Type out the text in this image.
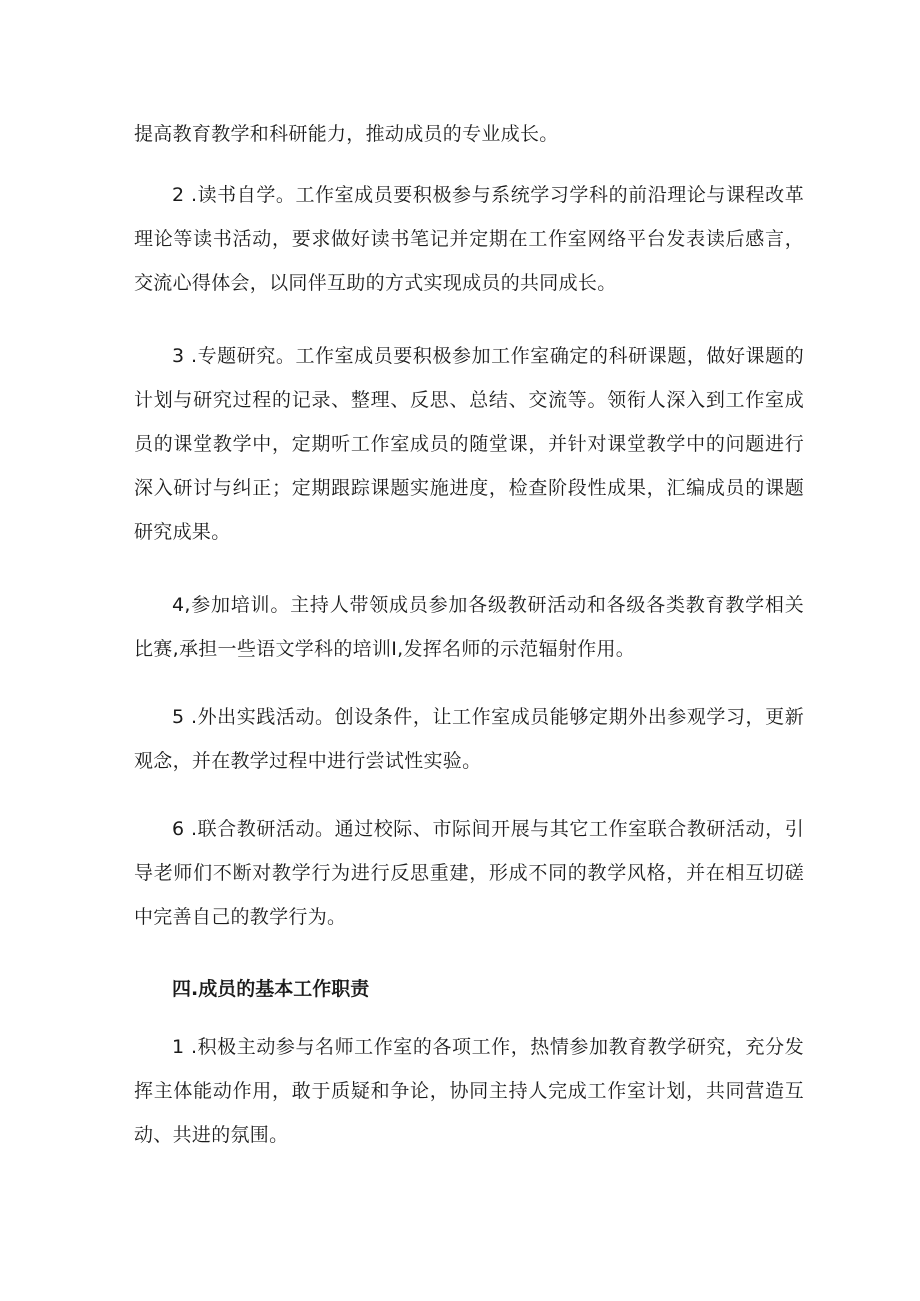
提高教育教学和科研能力，推动成员的专业成长。

2 .读书自学。工作室成员要积极参与系统学习学科的前沿理论与课程改革理论等读书活动，要求做好读书笔记并定期在工作室网络平台发表读后感言，交流心得体会，以同伴互助的方式实现成员的共同成长。

3 .专题研究。工作室成员要积极参加工作室确定的科研课题，做好课题的计划与研究过程的记录、整理、反思、总结、交流等。领衔人深入到工作室成员的课堂教学中，定期听工作室成员的随堂课，并针对课堂教学中的问题进行深入研讨与纠正；定期跟踪课题实施进度，检查阶段性成果，汇编成员的课题研究成果。

4,参加培训。主持人带领成员参加各级教研活动和各级各类教育教学相关比赛,承担一些语文学科的培训I,发挥名师的示范辐射作用。

5 .外出实践活动。创设条件，让工作室成员能够定期外出参观学习，更新观念，并在教学过程中进行尝试性实验。

6 .联合教研活动。通过校际、市际间开展与其它工作室联合教研活动，引导老师们不断对教学行为进行反思重建，形成不同的教学风格，并在相互切磋中完善自己的教学行为。

四.成员的基本工作职责

1 .积极主动参与名师工作室的各项工作，热情参加教育教学研究，充分发挥主体能动作用，敢于质疑和争论，协同主持人完成工作室计划，共同营造互动、共进的氛围。
